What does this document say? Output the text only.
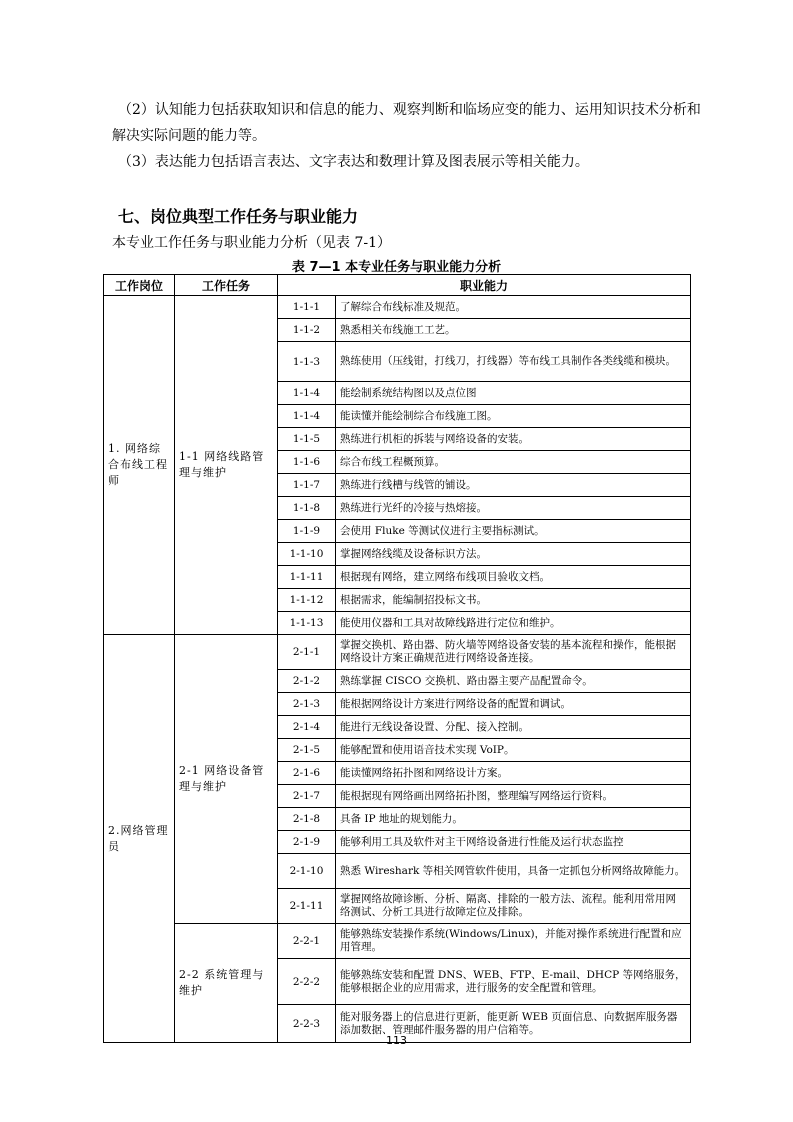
（2）认知能力包括获取知识和信息的能力、观察判断和临场应变的能力、运用知识技术分析和
解决实际问题的能力等。
（3）表达能力包括语言表达、文字表达和数理计算及图表展示等相关能力。
七、岗位典型工作任务与职业能力
本专业工作任务与职业能力分析（见表 7-1）
表 7—1 本专业任务与职业能力分析
工作岗位	工作任务	职业能力	
1. 网络综合布线工程师	1-1 网络线路管理与维护	1-1-1	了解综合布线标准及规范。
		1-1-2	熟悉相关布线施工工艺。
		1-1-3	熟练使用（压线钳，打线刀，打线器）等布线工具制作各类线缆和模块。
		1-1-4	能绘制系统结构图以及点位图
		1-1-4	能读懂并能绘制综合布线施工图。
		1-1-5	熟练进行机柜的拆装与网络设备的安装。
		1-1-6	综合布线工程概预算。
		1-1-7	熟练进行线槽与线管的铺设。
		1-1-8	熟练进行光纤的冷接与热熔接。
		1-1-9	会使用 Fluke 等测试仪进行主要指标测试。
		1-1-10	掌握网络线缆及设备标识方法。
		1-1-11	根据现有网络，建立网络布线项目验收文档。
		1-1-12	根据需求，能编制招投标文书。
		1-1-13	能使用仪器和工具对故障线路进行定位和维护。
2.网络管理员	2-1 网络设备管理与维护	2-1-1	掌握交换机、路由器、防火墙等网络设备安装的基本流程和操作，能根据网络设计方案正确规范进行网络设备连接。
		2-1-2	熟练掌握 CISCO 交换机、路由器主要产品配置命令。
		2-1-3	能根据网络设计方案进行网络设备的配置和调试。
		2-1-4	能进行无线设备设置、分配、接入控制。
		2-1-5	能够配置和使用语音技术实现 VoIP。
		2-1-6	能读懂网络拓扑图和网络设计方案。
		2-1-7	能根据现有网络画出网络拓扑图，整理编写网络运行资料。
		2-1-8	具备 IP 地址的规划能力。
		2-1-9	能够利用工具及软件对主干网络设备进行性能及运行状态监控
		2-1-10	熟悉 Wireshark 等相关网管软件使用，具备一定抓包分析网络故障能力。
		2-1-11	掌握网络故障诊断、分析、隔离、排除的一般方法、流程。能利用常用网络测试、分析工具进行故障定位及排除。
	2-2 系统管理与维护	2-2-1	能够熟练安装操作系统(Windows/Linux)，并能对操作系统进行配置和应用管理。
		2-2-2	能够熟练安装和配置 DNS、WEB、FTP、E-mail、DHCP 等网络服务，能够根据企业的应用需求，进行服务的安全配置和管理。
		2-2-3	能对服务器上的信息进行更新，能更新 WEB 页面信息、向数据库服务器添加数据、管理邮件服务器的用户信箱等。
113
